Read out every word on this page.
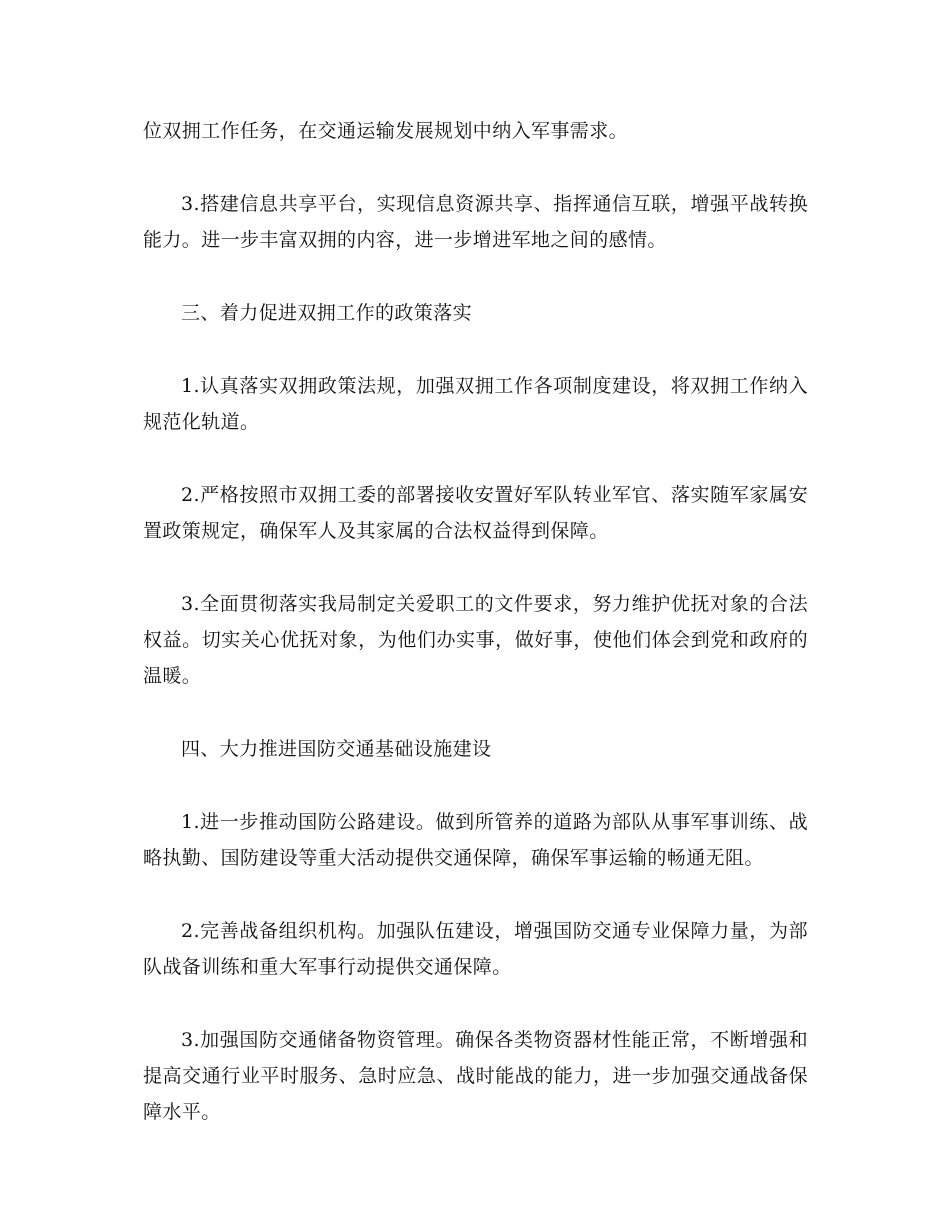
位双拥工作任务，在交通运输发展规划中纳入军事需求。

3.搭建信息共享平台，实现信息资源共享、指挥通信互联，增强平战转换能力。进一步丰富双拥的内容，进一步增进军地之间的感情。

三、着力促进双拥工作的政策落实

1.认真落实双拥政策法规，加强双拥工作各项制度建设，将双拥工作纳入规范化轨道。

2.严格按照市双拥工委的部署接收安置好军队转业军官、落实随军家属安置政策规定，确保军人及其家属的合法权益得到保障。

3.全面贯彻落实我局制定关爱职工的文件要求，努力维护优抚对象的合法权益。切实关心优抚对象，为他们办实事，做好事，使他们体会到党和政府的温暖。

四、大力推进国防交通基础设施建设

1.进一步推动国防公路建设。做到所管养的道路为部队从事军事训练、战略执勤、国防建设等重大活动提供交通保障，确保军事运输的畅通无阻。

2.完善战备组织机构。加强队伍建设，增强国防交通专业保障力量，为部队战备训练和重大军事行动提供交通保障。

3.加强国防交通储备物资管理。确保各类物资器材性能正常，不断增强和提高交通行业平时服务、急时应急、战时能战的能力，进一步加强交通战备保障水平。
